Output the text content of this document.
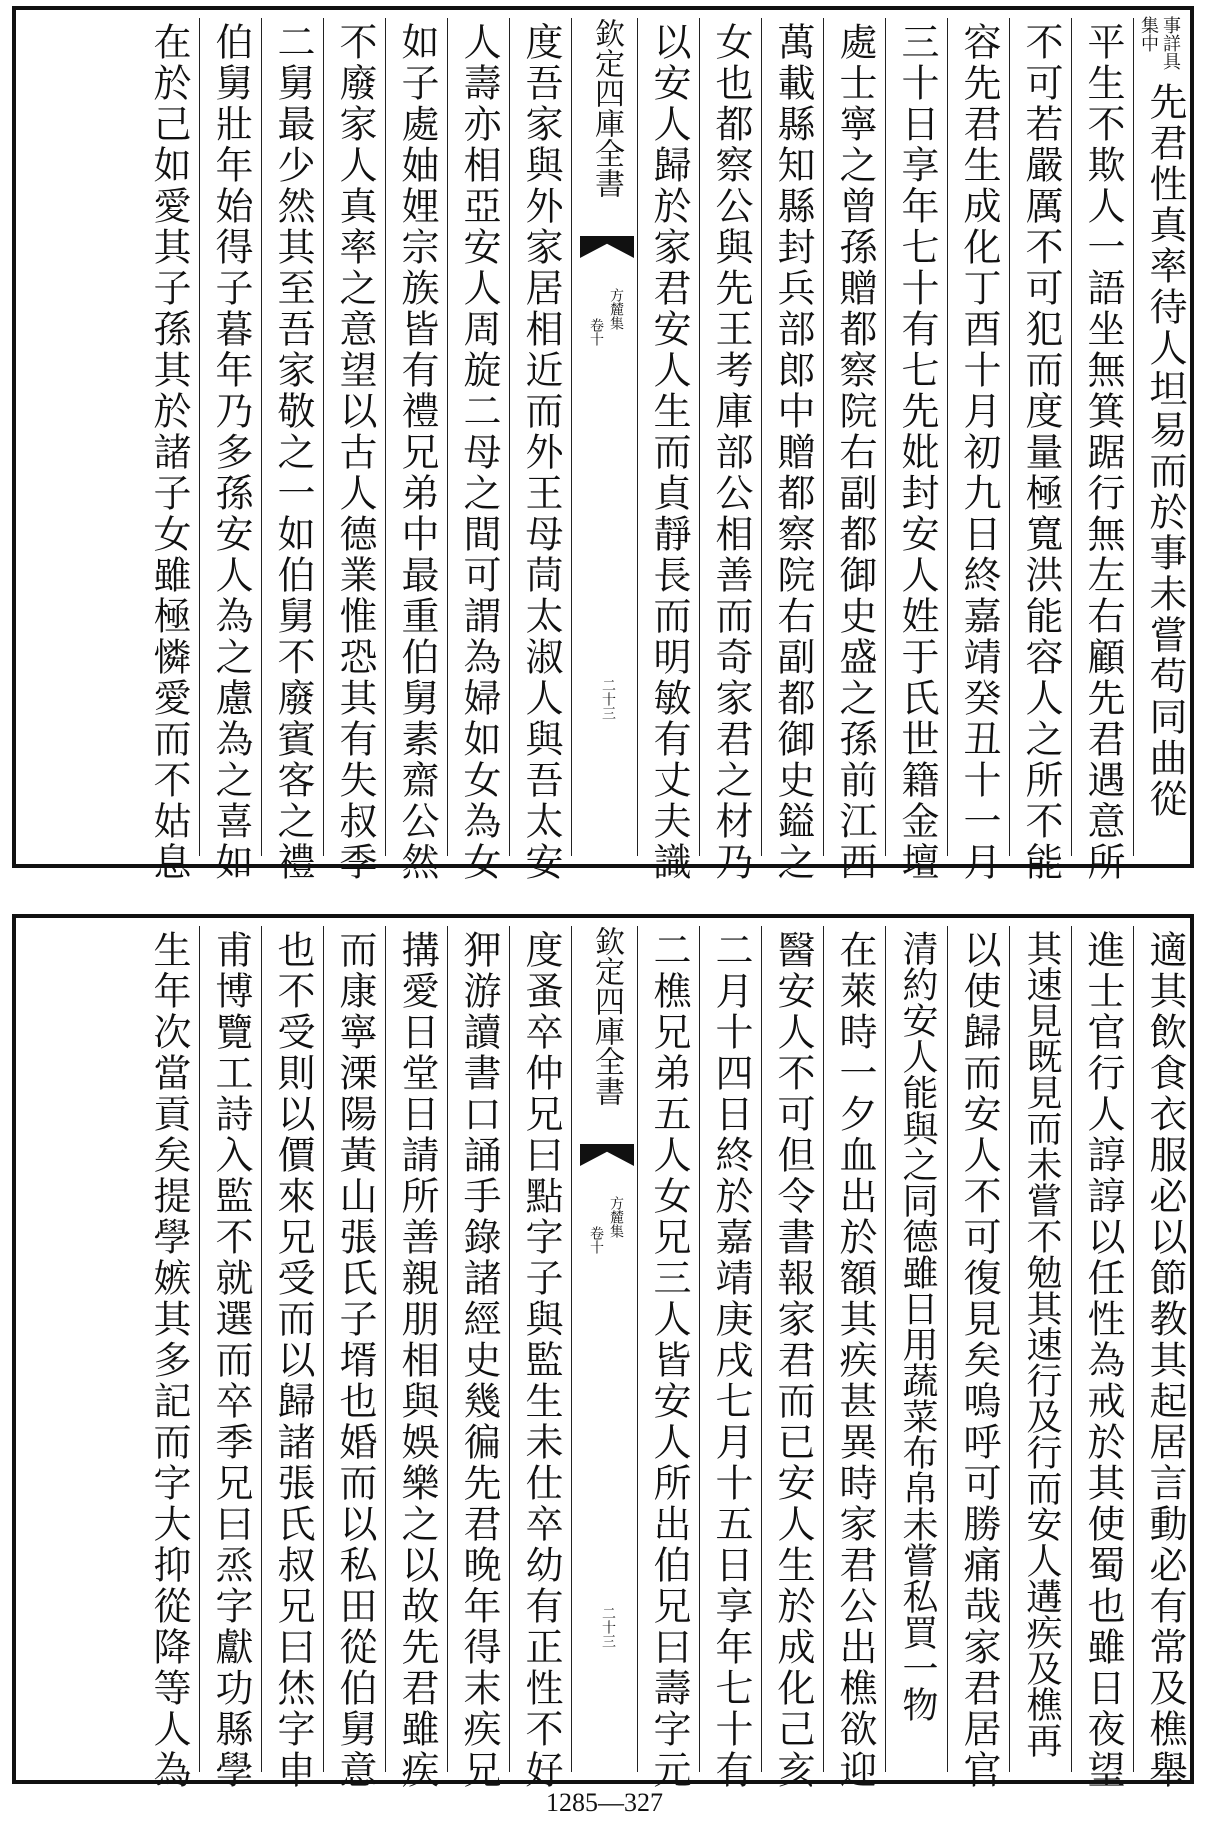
事詳具
集中
先君性真率待人坦易而於事未嘗苟同曲從
平生不欺人一語坐無箕踞行無左右顧先君遇意所
不可若嚴厲不可犯而度量極寬洪能容人之所不能
容先君生成化丁酉十月初九日終嘉靖癸丑十一月
三十日享年七十有七先妣封安人姓于氏世籍金壇
處士寧之曾孫贈都察院右副都御史盛之孫前江西
萬載縣知縣封兵部郎中贈都察院右副都御史鎰之
女也都察公與先王考庫部公相善而奇家君之材乃
以安人歸於家君安人生而貞靜長而明敏有丈夫識
欽定四庫全書
方麓集
卷十
二十三
度吾家與外家居相近而外王母茼太淑人與吾太安
人壽亦相亞安人周旋二母之間可謂為婦如女為女
如子處妯娌宗族皆有禮兄弟中最重伯舅素齋公然
不廢家人真率之意望以古人德業惟恐其有失叔季
二舅最少然其至吾家敬之一如伯舅不廢賓客之禮
伯舅壯年始得子暮年乃多孫安人為之慮為之喜如
在於己如愛其子孫其於諸子女雖極憐愛而不姑息
適其飲食衣服必以節教其起居言動必有常及樵舉
進士官行人諄諄以任性為戒於其使蜀也雖日夜望
其速見既見而未嘗不勉其速行及行而安人遘疾及樵再
以使歸而安人不可復見矣嗚呼可勝痛哉家君居官
清約安人能與之同德雖日用蔬菜布帛未嘗私買一物
在萊時一夕血出於額其疾甚異時家君公出樵欲迎
醫安人不可但令書報家君而已安人生於成化己亥
二月十四日終於嘉靖庚戌七月十五日享年七十有
二樵兄弟五人女兄三人皆安人所出伯兄曰壽字元
欽定四庫全書
方麓集
卷十
二十三
度蚤卒仲兄曰點字子與監生未仕卒幼有正性不好
狎游讀書口誦手錄諸經史幾徧先君晚年得末疾兄
搆愛日堂日請所善親朋相與娛樂之以故先君雖疾
而康寧溧陽黃山張氏子壻也婚而以私田從伯舅意
也不受則以價來兄受而以歸諸張氏叔兄曰烋字申
甫博覽工詩入監不就選而卒季兄曰烝字獻功縣學
生年次當貢矣提學嫉其多記而字大抑從降等人為
1285—327
